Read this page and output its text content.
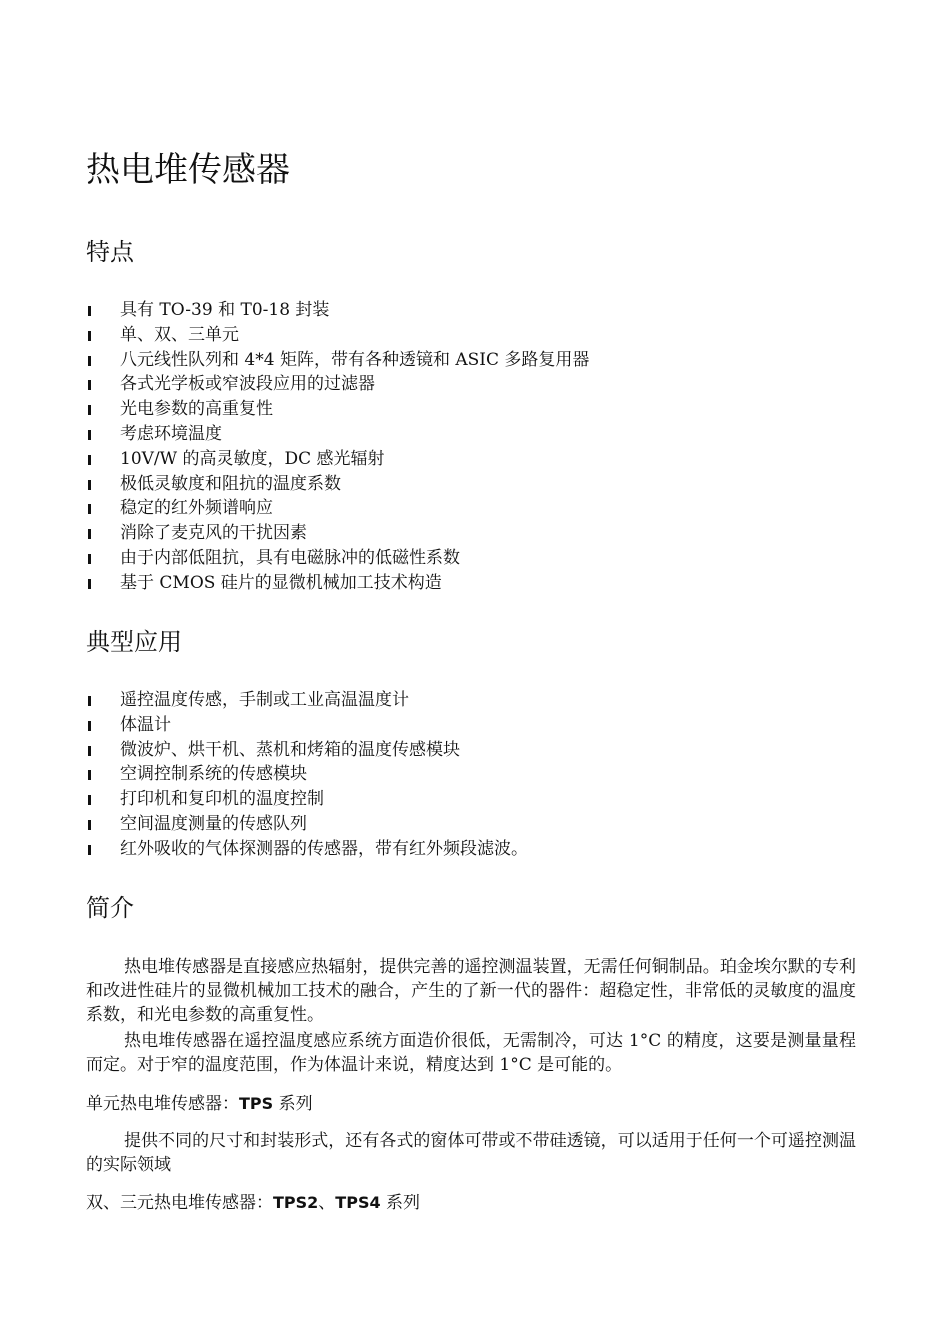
热电堆传感器
特点
具有 TO-39 和 T0-18 封装
单、双、三单元
八元线性队列和 4*4 矩阵，带有各种透镜和 ASIC 多路复用器
各式光学板或窄波段应用的过滤器
光电参数的高重复性
考虑环境温度
10V/W 的高灵敏度，DC 感光辐射
极低灵敏度和阻抗的温度系数
稳定的红外频谱响应
消除了麦克风的干扰因素
由于内部低阻抗，具有电磁脉冲的低磁性系数
基于 CMOS 硅片的显微机械加工技术构造
典型应用
遥控温度传感，手制或工业高温温度计
体温计
微波炉、烘干机、蒸机和烤箱的温度传感模块
空调控制系统的传感模块
打印机和复印机的温度控制
空间温度测量的传感队列
红外吸收的气体探测器的传感器，带有红外频段滤波。
简介

热电堆传感器是直接感应热辐射，提供完善的遥控测温装置，无需任何铜制品。珀金埃尔默的专利和改进性硅片的显微机械加工技术的融合，产生的了新一代的器件：超稳定性，非常低的灵敏度的温度系数，和光电参数的高重复性。

热电堆传感器在遥控温度感应系统方面造价很低，无需制冷，可达 1°C 的精度，这要是测量量程而定。对于窄的温度范围，作为体温计来说，精度达到 1°C 是可能的。

单元热电堆传感器：TPS 系列

提供不同的尺寸和封装形式，还有各式的窗体可带或不带硅透镜，可以适用于任何一个可遥控测温的实际领域

双、三元热电堆传感器：TPS2、TPS4 系列
